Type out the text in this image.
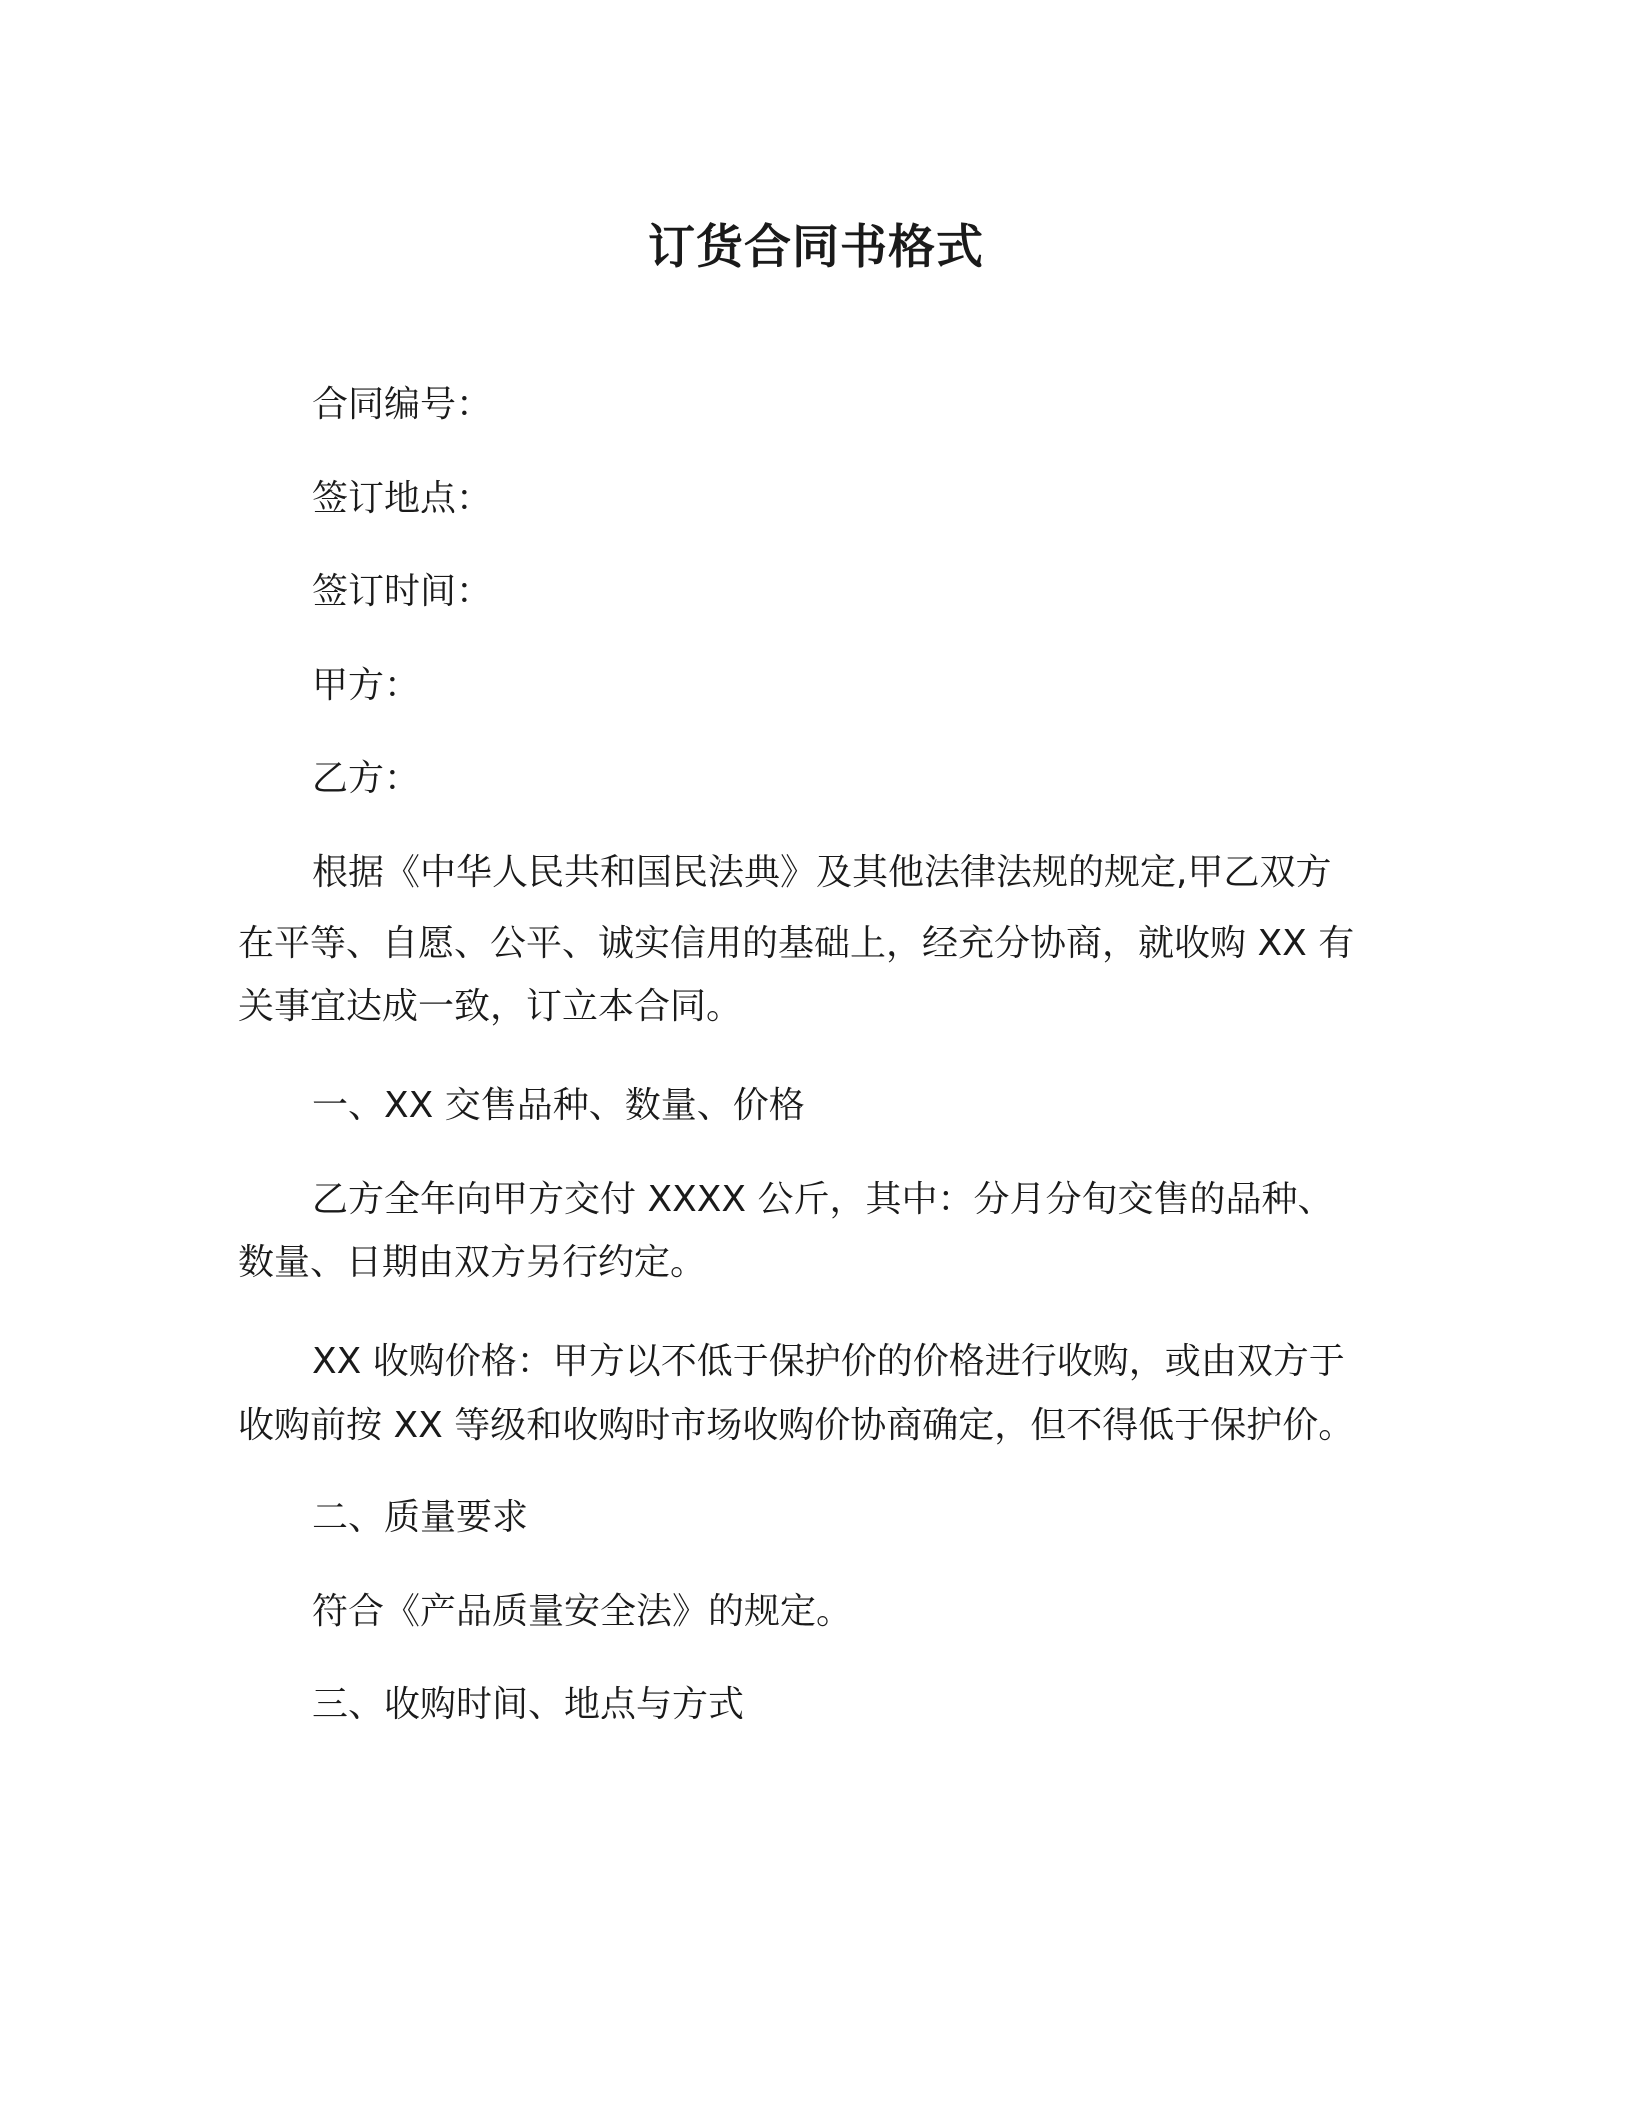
订货合同书格式
合同编号：
签订地点：
签订时间：
甲方：
乙方：
根据《中华人民共和国民法典》及其他法律法规的规定,甲乙双方
在平等、自愿、公平、诚实信用的基础上，经充分协商，就收购 XX 有
关事宜达成一致，订立本合同。
一、XX 交售品种、数量、价格
乙方全年向甲方交付 XXXX 公斤，其中：分月分旬交售的品种、
数量、日期由双方另行约定。
XX 收购价格：甲方以不低于保护价的价格进行收购，或由双方于
收购前按 XX 等级和收购时市场收购价协商确定，但不得低于保护价。
二、质量要求
符合《产品质量安全法》的规定。
三、收购时间、地点与方式
